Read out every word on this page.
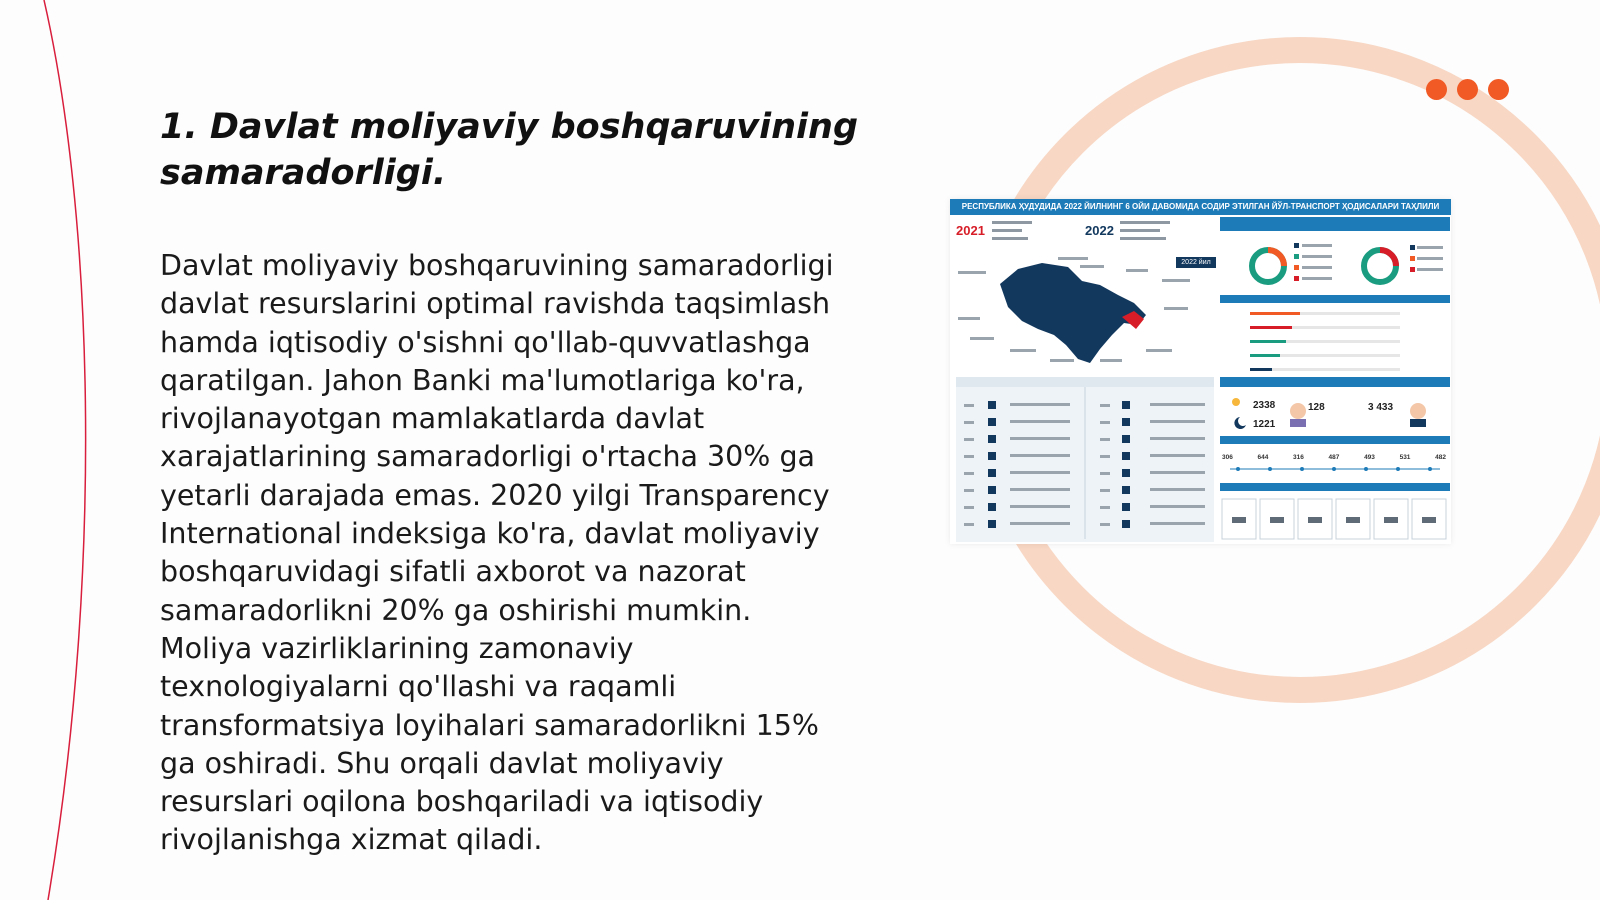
1. Davlat moliyaviy boshqaruvining samaradorligi.

Davlat moliyaviy boshqaruvining samaradorligi davlat resurslarini optimal ravishda taqsimlash hamda iqtisodiy o'sishni qo'llab-quvvatlashga qaratilgan. Jahon Banki ma'lumotlariga ko'ra, rivojlanayotgan mamlakatlarda davlat xarajatlarining samaradorligi o'rtacha 30% ga yetarli darajada emas. 2020 yilgi Transparency International indeksiga ko'ra, davlat moliyaviy boshqaruvidagi sifatli axborot va nazorat samaradorlikni 20% ga oshirishi mumkin. Moliya vazirliklarining zamonaviy texnologiyalarni qo'llashi va raqamli transformatsiya loyihalari samaradorlikni 15% ga oshiradi. Shu orqali davlat moliyaviy resurslari oqilona boshqariladi va iqtisodiy rivojlanishga xizmat qiladi.

РЕСПУБЛИКА ҲУДУДИДА 2022 ЙИЛНИНГ 6 ОЙИ ДАВОМИДА СОДИР ЭТИЛГАН ЙЎЛ-ТРАНСПОРТ ҲОДИСАЛАРИ ТАҲЛИЛИ
2021	2022
2022 йил
2338
1221
128	3 433
306	644	316	487	493	531	482
